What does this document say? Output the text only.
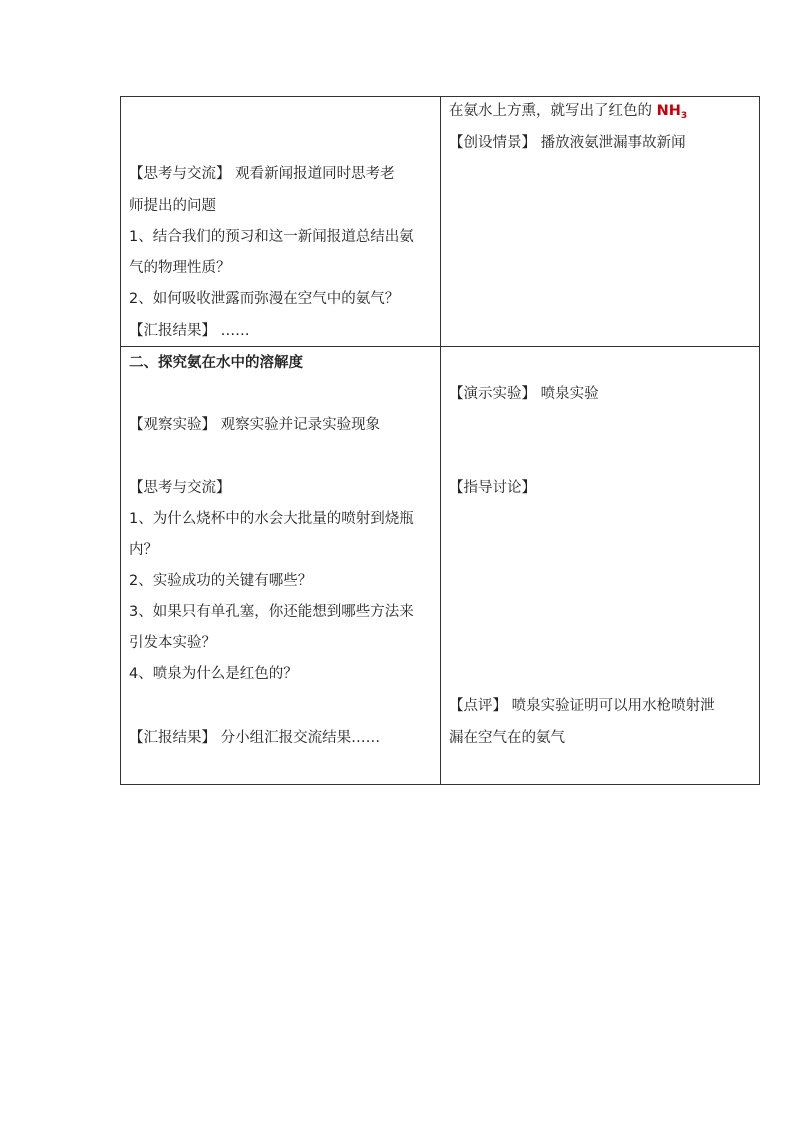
在氨水上方熏，就写出了红色的 $NH_3$
【创设情景】 播放液氨泄漏事故新闻
【思考与交流】 观看新闻报道同时思考老
师提出的问题
1、结合我们的预习和这一新闻报道总结出氨
气的物理性质？
2、如何吸收泄露而弥漫在空气中的氨气？
【汇报结果】 ……
二、探究氨在水中的溶解度
【演示实验】 喷泉实验
【观察实验】 观察实验并记录实验现象
【思考与交流】	【指导讨论】
1、为什么烧杯中的水会大批量的喷射到烧瓶
内？
2、实验成功的关键有哪些？
3、如果只有单孔塞，你还能想到哪些方法来
引发本实验？
4、喷泉为什么是红色的？
【点评】 喷泉实验证明可以用水枪喷射泄
【汇报结果】 分小组汇报交流结果……	漏在空气在的氨气
